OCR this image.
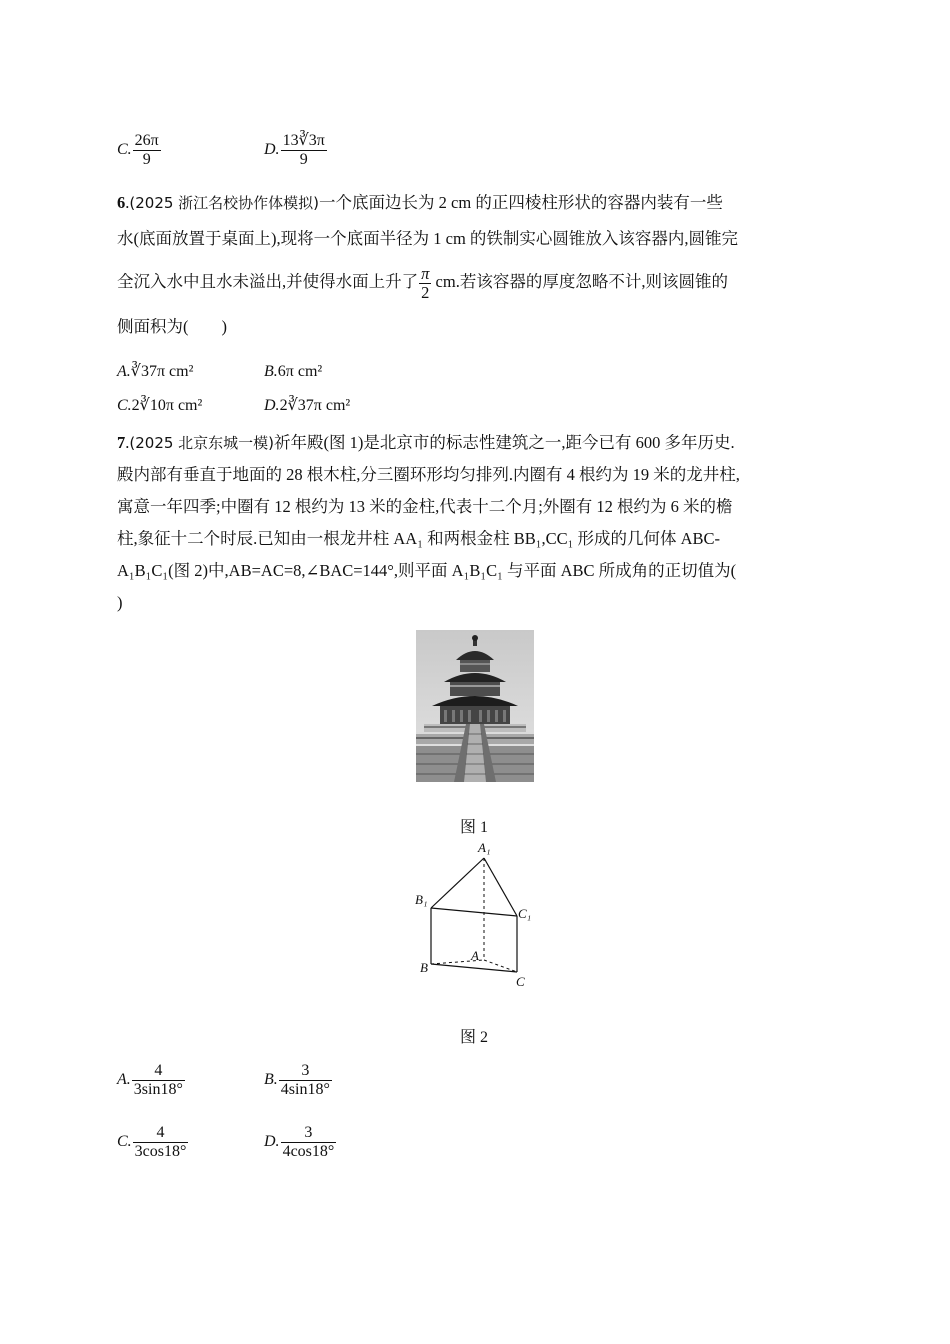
C. $\frac{26\pi}{9}$	D. $\frac{13∛3\pi}{9}$
6.(2025 浙江名校协作体模拟)一个底面边长为 2 cm 的正四棱柱形状的容器内装有一些
水(底面放置于桌面上),现将一个底面半径为 1 cm 的铁制实心圆锥放入该容器内,圆锥完
全沉入水中且水未溢出,并使得水面上升了 $\frac{\pi}{2}$ cm.若该容器的厚度忽略不计,则该圆锥的
侧面积为(　　)
A.∛37π cm²	B.6π cm²
C.2∛10π cm²	D.2∛37π cm²
7.(2025 北京东城一模)祈年殿(图 1)是北京市的标志性建筑之一,距今已有 600 多年历史.
殿内部有垂直于地面的 28 根木柱,分三圈环形均匀排列.内圈有 4 根约为 19 米的龙井柱,
寓意一年四季;中圈有 12 根约为 13 米的金柱,代表十二个月;外圈有 12 根约为 6 米的檐
柱,象征十二个时辰.已知由一根龙井柱 AA₁ 和两根金柱 BB₁,CC₁ 形成的几何体 ABC-
A₁B₁C₁(图 2)中,AB=AC=8,∠BAC=144°,则平面 A₁B₁C₁ 与平面 ABC 所成角的正切值为(
)
图 1
A₁
B₁
C₁
A
B
C
图 2
A. $\frac{4}{3\sin 18^\circ}$	B. $\frac{3}{4\sin 18^\circ}$
C. $\frac{4}{3\cos 18^\circ}$	D. $\frac{3}{4\cos 18^\circ}$
